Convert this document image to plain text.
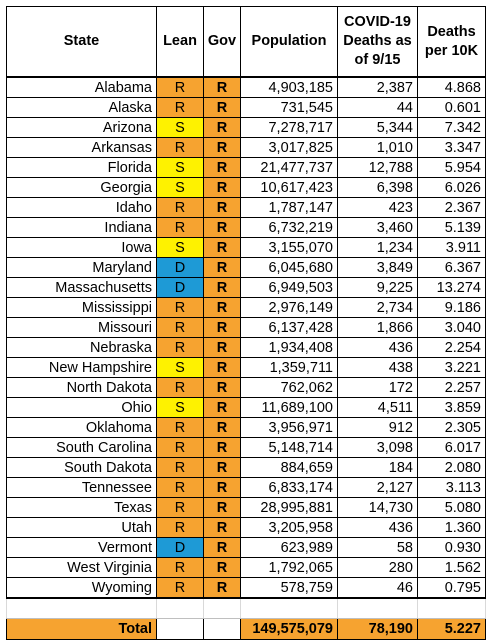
State	Lean	Gov	Population	COVID-19 Deaths as of 9/15	Deaths per 10K
Alabama	R	R	4,903,185	2,387	4.868
Alaska	R	R	731,545	44	0.601
Arizona	S	R	7,278,717	5,344	7.342
Arkansas	R	R	3,017,825	1,010	3.347
Florida	S	R	21,477,737	12,788	5.954
Georgia	S	R	10,617,423	6,398	6.026
Idaho	R	R	1,787,147	423	2.367
Indiana	R	R	6,732,219	3,460	5.139
Iowa	S	R	3,155,070	1,234	3.911
Maryland	D	R	6,045,680	3,849	6.367
Massachusetts	D	R	6,949,503	9,225	13.274
Mississippi	R	R	2,976,149	2,734	9.186
Missouri	R	R	6,137,428	1,866	3.040
Nebraska	R	R	1,934,408	436	2.254
New Hampshire	S	R	1,359,711	438	3.221
North Dakota	R	R	762,062	172	2.257
Ohio	S	R	11,689,100	4,511	3.859
Oklahoma	R	R	3,956,971	912	2.305
South Carolina	R	R	5,148,714	3,098	6.017
South Dakota	R	R	884,659	184	2.080
Tennessee	R	R	6,833,174	2,127	3.113
Texas	R	R	28,995,881	14,730	5.080
Utah	R	R	3,205,958	436	1.360
Vermont	D	R	623,989	58	0.930
West Virginia	R	R	1,792,065	280	1.562
Wyoming	R	R	578,759	46	0.795

Total			149,575,079	78,190	5.227
